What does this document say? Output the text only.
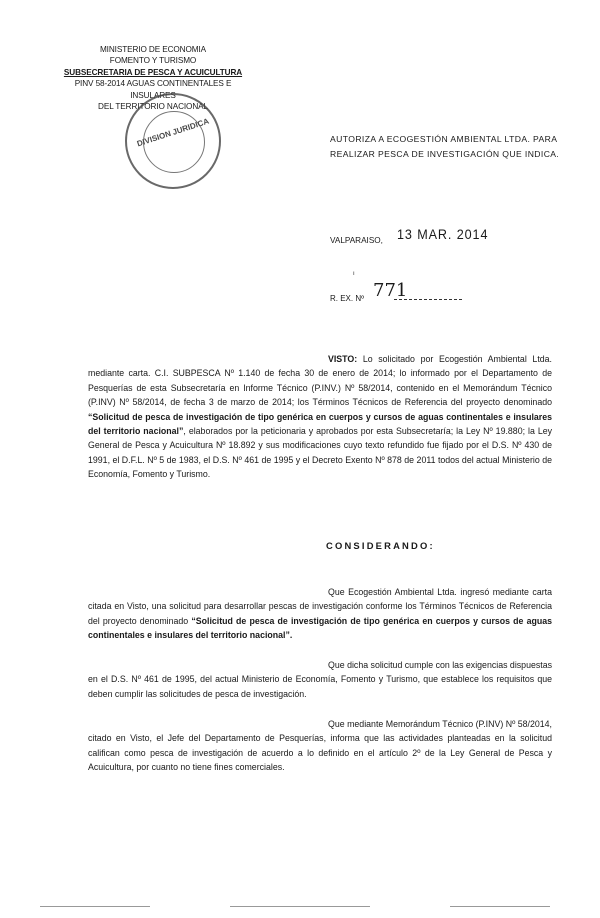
MINISTERIO DE ECONOMIA
FOMENTO Y TURISMO
SUBSECRETARIA DE PESCA Y ACUICULTURA
PINV 58-2014 AGUAS CONTINENTALES E INSULARES
DEL TERRITORIO NACIONAL
DIVISION JURIDICA	AUTORIZA A ECOGESTIÓN AMBIENTAL LTDA. PARA REALIZAR PESCA DE INVESTIGACIÓN QUE INDICA.
VALPARAISO, 13 MAR. 2014
ı
R. EX. Nº 771
VISTO: Lo solicitado por Ecogestión Ambiental Ltda. mediante carta. C.I. SUBPESCA Nº 1.140 de fecha 30 de enero de 2014; lo informado por el Departamento de Pesquerías de esta Subsecretaría en Informe Técnico (P.INV.) Nº 58/2014, contenido en el Memorándum Técnico (P.INV) Nº 58/2014, de fecha 3 de marzo de 2014; los Términos Técnicos de Referencia del proyecto denominado “Solicitud de pesca de investigación de tipo genérica en cuerpos y cursos de aguas continentales e insulares del territorio nacional”, elaborados por la peticionaria y aprobados por esta Subsecretaría; la Ley Nº 19.880; la Ley General de Pesca y Acuicultura Nº 18.892 y sus modificaciones cuyo texto refundido fue fijado por el D.S. Nº 430 de 1991, el D.F.L. Nº 5 de 1983, el D.S. Nº 461 de 1995 y el Decreto Exento Nº 878 de 2011 todos del actual Ministerio de Economía, Fomento y Turismo.
CONSIDERANDO:
Que Ecogestión Ambiental Ltda. ingresó mediante carta citada en Visto, una solicitud para desarrollar pescas de investigación conforme los Términos Técnicos de Referencia del proyecto denominado “Solicitud de pesca de investigación de tipo genérica en cuerpos y cursos de aguas continentales e insulares del territorio nacional”.
Que dicha solicitud cumple con las exigencias dispuestas en el D.S. Nº 461 de 1995, del actual Ministerio de Economía, Fomento y Turismo, que establece los requisitos que deben cumplir las solicitudes de pesca de investigación.
Que mediante Memorándum Técnico (P.INV) Nº 58/2014, citado en Visto, el Jefe del Departamento de Pesquerías, informa que las actividades planteadas en la solicitud califican como pesca de investigación de acuerdo a lo definido en el artículo 2º de la Ley General de Pesca y Acuicultura, por cuanto no tiene fines comerciales.
